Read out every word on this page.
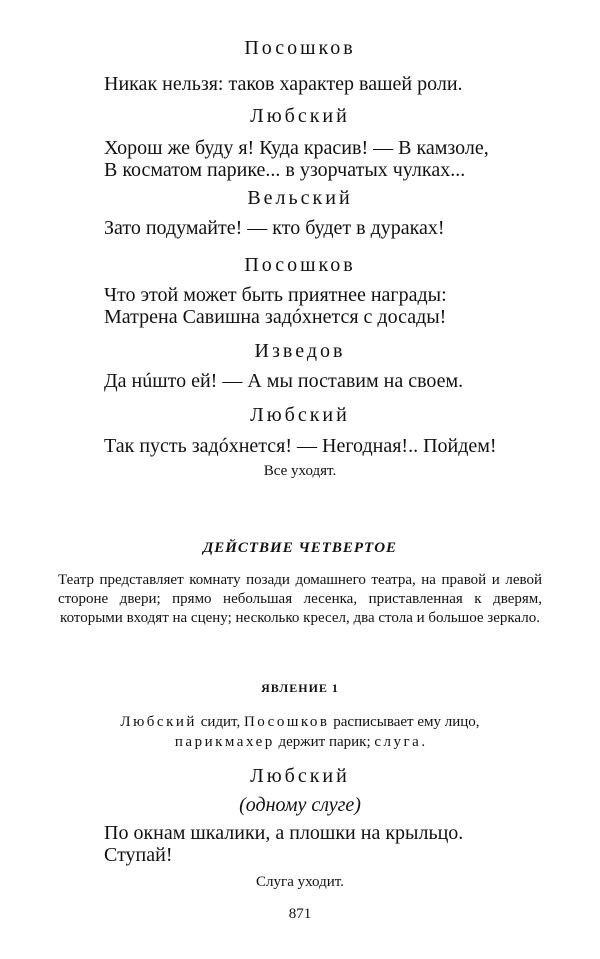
Посошков
Никак нельзя: таков характер вашей роли.
Любский
Хорош же буду я! Куда красив! — В камзоле,
В косматом парике... в узорчатых чулках...
Вельский
Зато подумайте! — кто будет в дураках!
Посошков
Что этой может быть приятнее награды:
Матрена Савишна задóхнется с досады!
Изведов
Да нúшто ей! — А мы поставим на своем.
Любский
Так пусть задóхнется! — Негодная!.. Пойдем!
Все уходят.
ДЕЙСТВИЕ ЧЕТВЕРТОЕ
Театр представляет комнату позади домашнего театра, на правой и левой стороне двери; прямо небольшая лесенка, приставленная к дверям, которыми входят на сцену; несколько кресел, два стола и большое зеркало.
ЯВЛЕНИЕ 1
Любский сидит, Посошков расписывает ему лицо,
парикмахер держит парик; слуга.
Любский
(одному слуге)
По окнам шкалики, а плошки на крыльцо.
Ступай!
Слуга уходит.
871
